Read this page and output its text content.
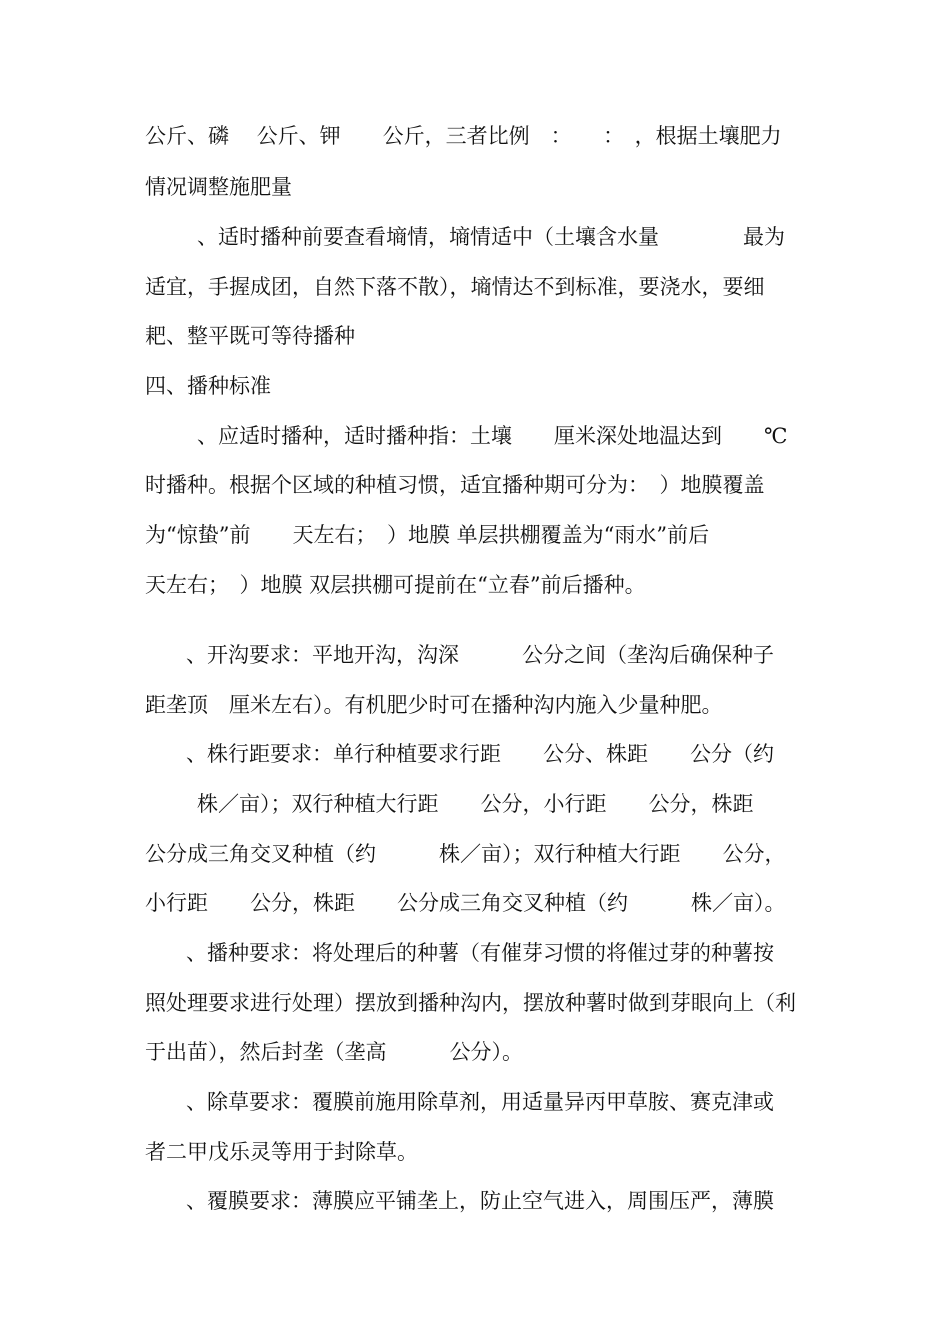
公斤、磷　 公斤、钾　　公斤，三者比例　：　　：　，根据土壤肥力
情况调整施肥量
、适时播种前要查看墒情，墒情适中（土壤含水量　　　　最为
适宜，手握成团，自然下落不散），墒情达不到标准，要浇水，要细
耙、整平既可等待播种
四、播种标准
、应适时播种，适时播种指：土壤　　厘米深处地温达到　　℃
时播种。根据个区域的种植习惯，适宜播种期可分为：　）地膜覆盖
为“惊蛰”前　　天左右；　）地膜 单层拱棚覆盖为“雨水”前后
天左右；　）地膜 双层拱棚可提前在“立春”前后播种。
、开沟要求：平地开沟，沟深　　　公分之间（垄沟后确保种子
距垄顶　厘米左右）。有机肥少时可在播种沟内施入少量种肥。
、株行距要求：单行种植要求行距　　公分、株距　　公分（约
株／亩）；双行种植大行距　　公分，小行距　　公分，株距
公分成三角交叉种植（约　　　株／亩）；双行种植大行距　　公分，
小行距　　公分，株距　　公分成三角交叉种植（约　　　株／亩）。
、播种要求：将处理后的种薯（有催芽习惯的将催过芽的种薯按
照处理要求进行处理）摆放到播种沟内，摆放种薯时做到芽眼向上（利
于出苗），然后封垄（垄高　　　公分）。
、除草要求：覆膜前施用除草剂，用适量异丙甲草胺、赛克津或
者二甲戊乐灵等用于封除草。
、覆膜要求：薄膜应平铺垄上，防止空气进入，周围压严，薄膜
